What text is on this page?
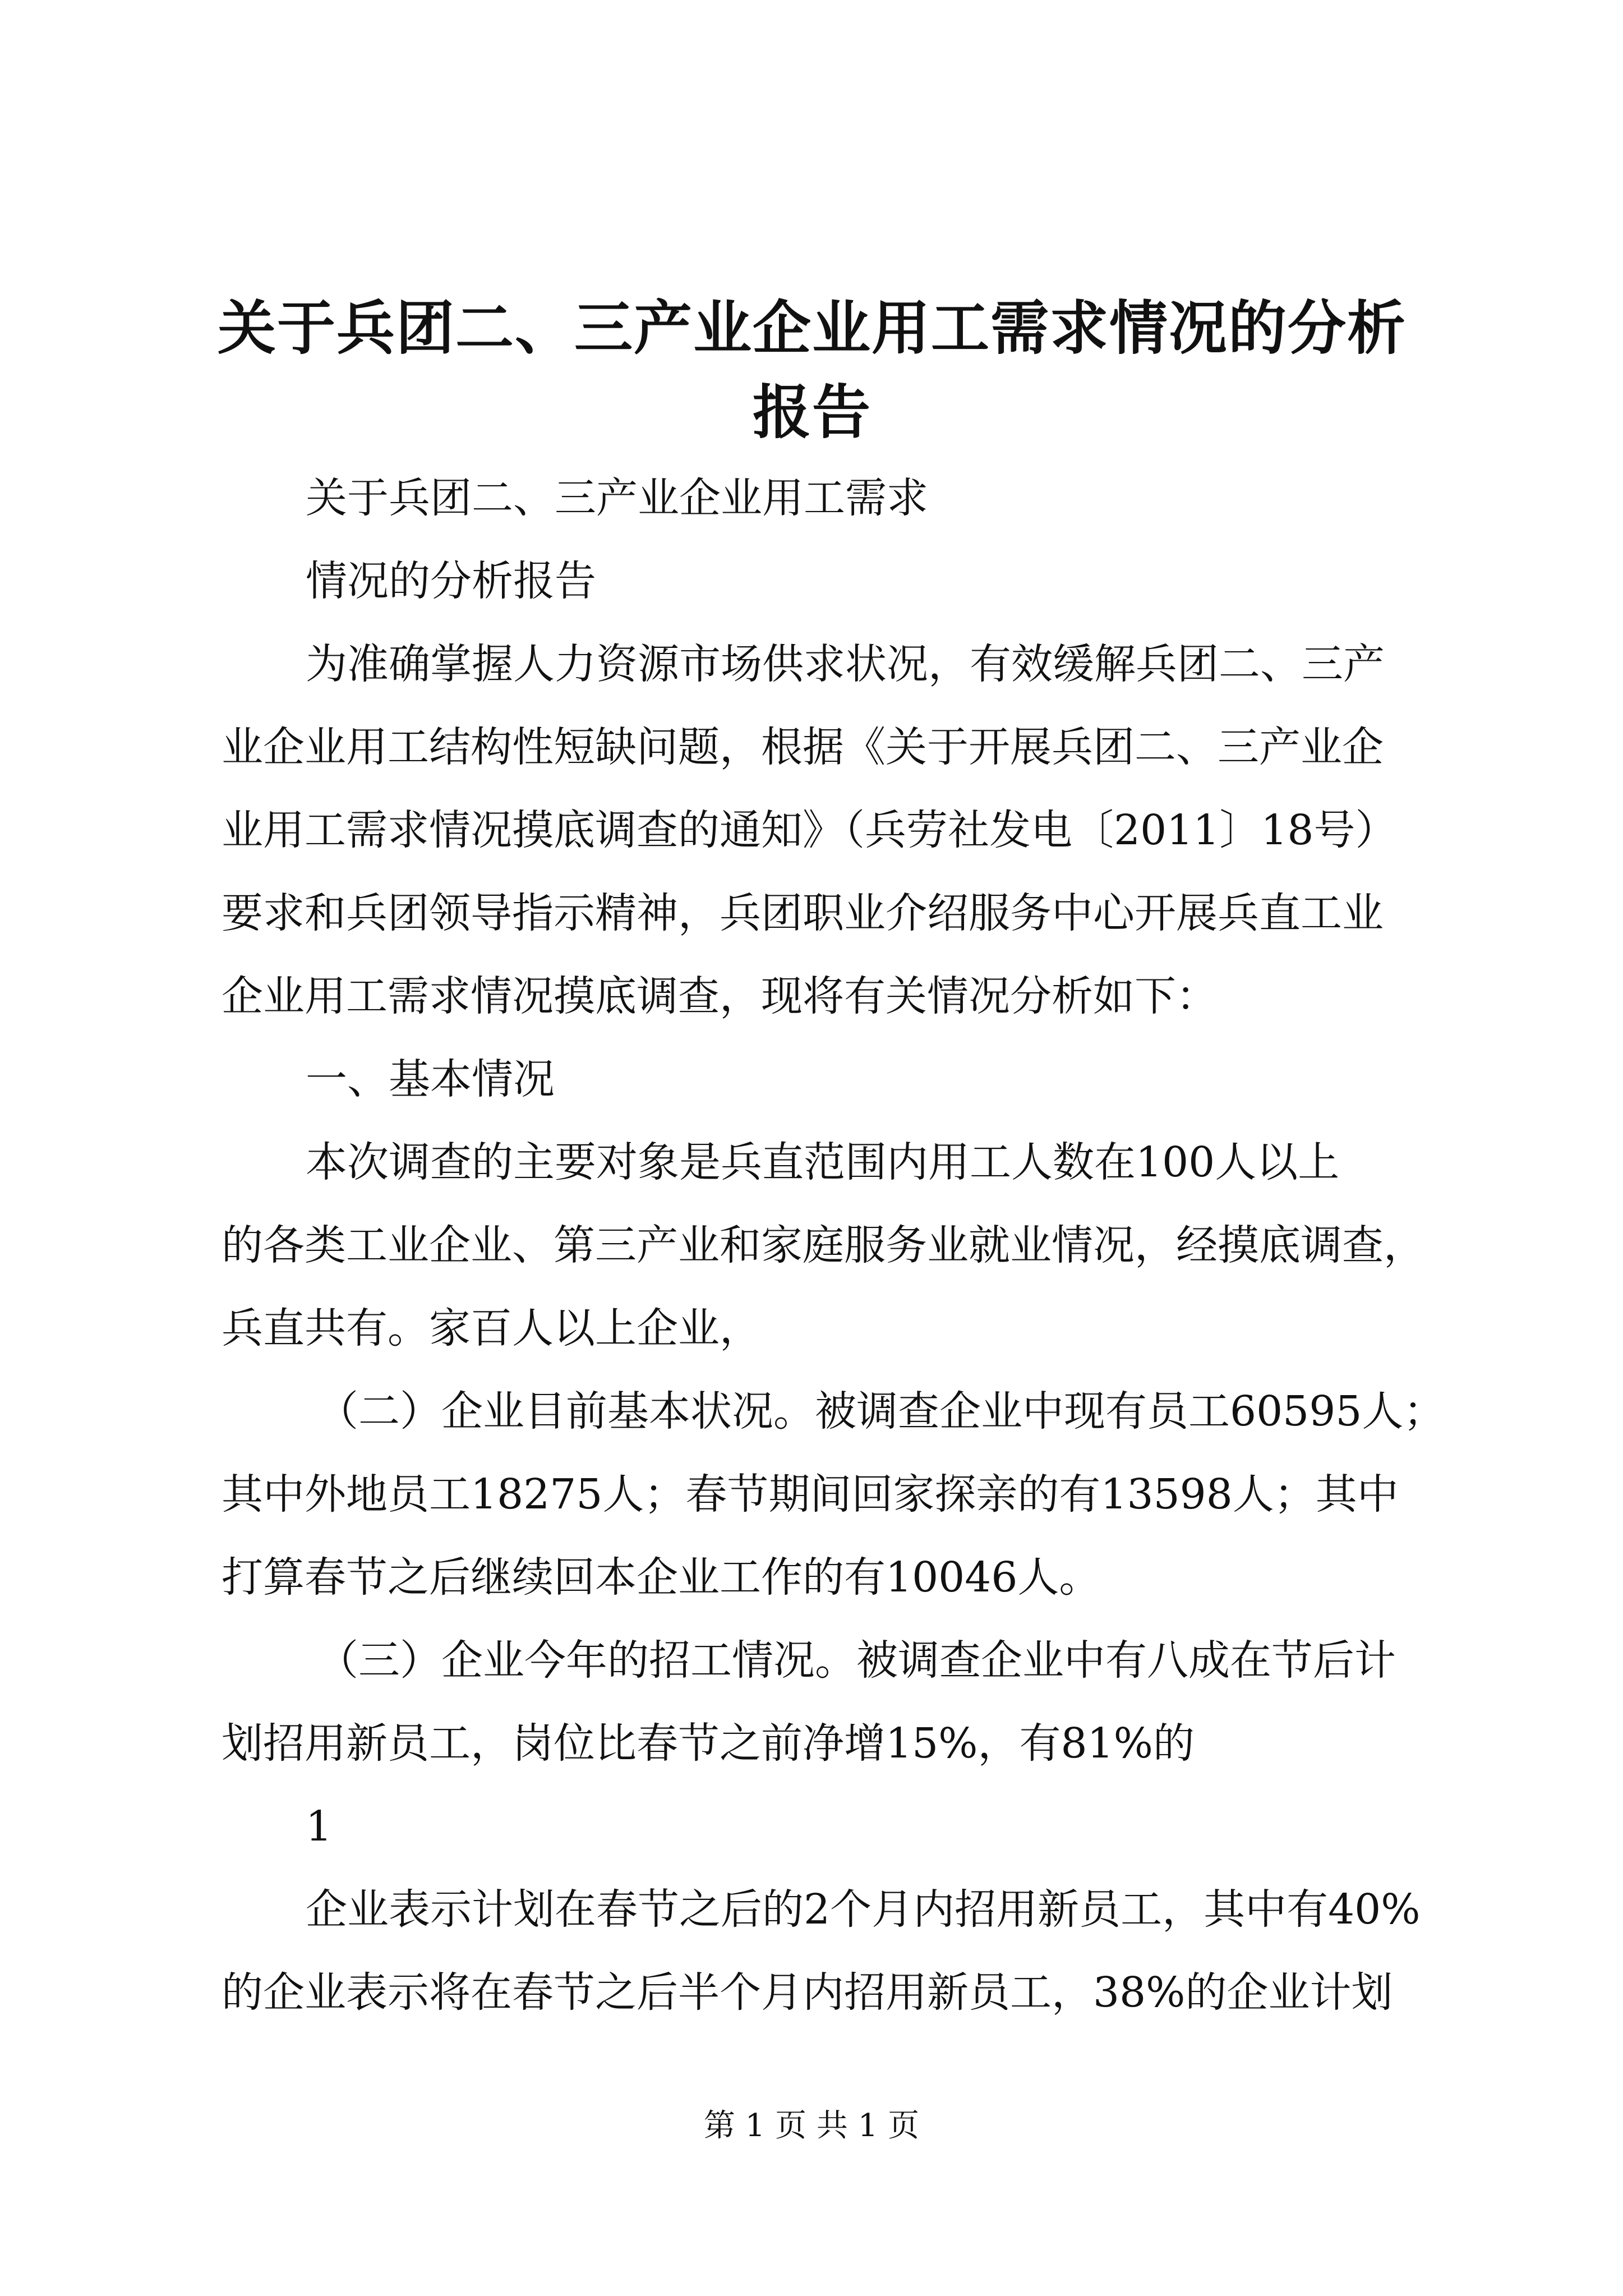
关于兵团二、三产业企业用工需求情况的分析
报告

关于兵团二、三产业企业用工需求

情况的分析报告

为准确掌握人力资源市场供求状况，有效缓解兵团二、三产

业企业用工结构性短缺问题，根据《关于开展兵团二、三产业企

业用工需求情况摸底调查的通知》（兵劳社发电〔2011〕18号）

要求和兵团领导指示精神，兵团职业介绍服务中心开展兵直工业

企业用工需求情况摸底调查，现将有关情况分析如下：

一、基本情况

本次调查的主要对象是兵直范围内用工人数在100人以上

的各类工业企业、第三产业和家庭服务业就业情况，经摸底调查，

兵直共有。家百人以上企业，

（二）企业目前基本状况。被调查企业中现有员工60595人；

其中外地员工18275人；春节期间回家探亲的有13598人；其中

打算春节之后继续回本企业工作的有10046人。

（三）企业今年的招工情况。被调查企业中有八成在节后计

划招用新员工，岗位比春节之前净增15%，有81%的

1

企业表示计划在春节之后的2个月内招用新员工，其中有40%

的企业表示将在春节之后半个月内招用新员工，38%的企业计划

第 1 页 共 1 页
